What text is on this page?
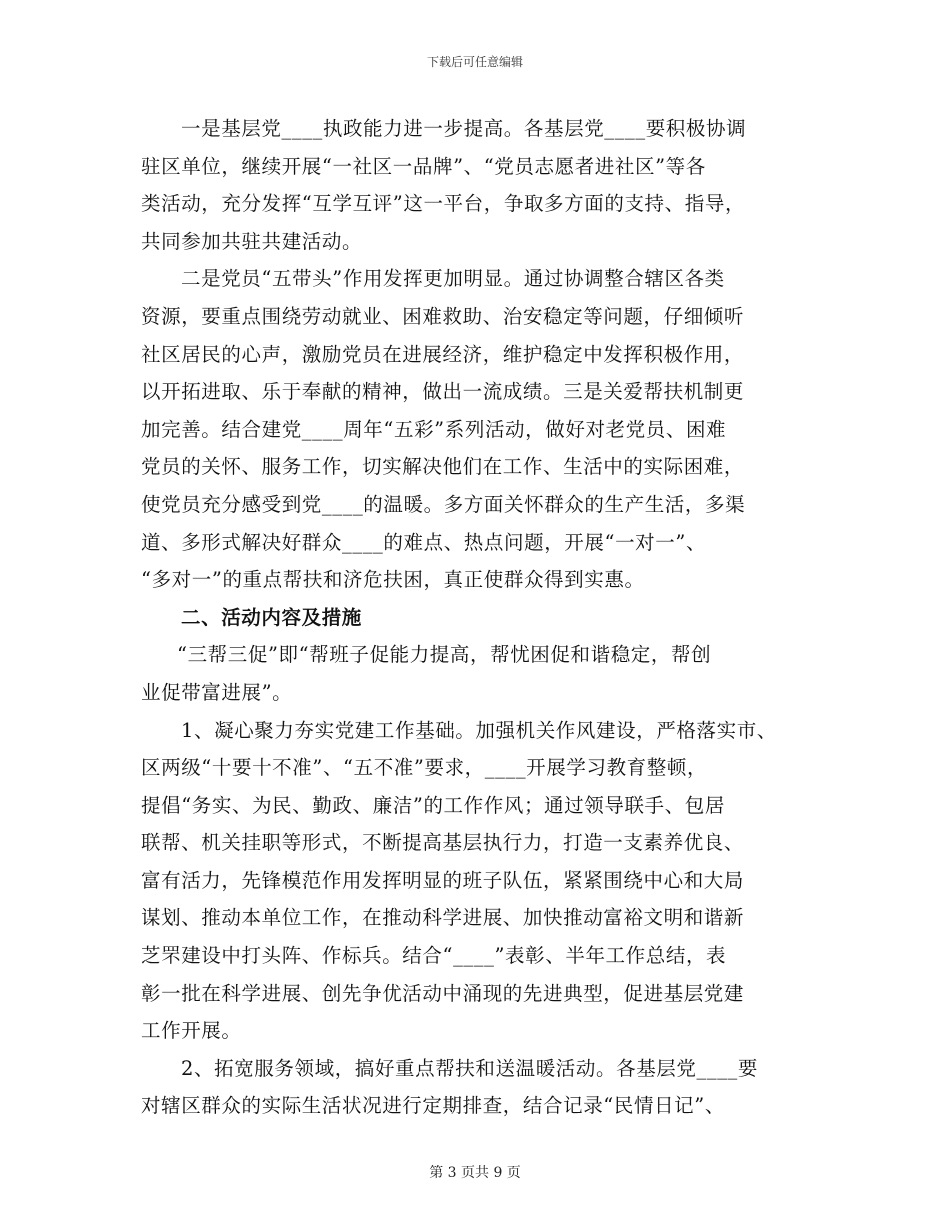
下载后可任意编辑
一是基层党____执政能力进一步提高。各基层党____要积极协调
驻区单位，继续开展“一社区一品牌”、“党员志愿者进社区”等各
类活动，充分发挥“互学互评”这一平台，争取多方面的支持、指导，
共同参加共驻共建活动。
二是党员“五带头”作用发挥更加明显。通过协调整合辖区各类
资源，要重点围绕劳动就业、困难救助、治安稳定等问题，仔细倾听
社区居民的心声，激励党员在进展经济，维护稳定中发挥积极作用，
以开拓进取、乐于奉献的精神，做出一流成绩。三是关爱帮扶机制更
加完善。结合建党____周年“五彩”系列活动，做好对老党员、困难
党员的关怀、服务工作，切实解决他们在工作、生活中的实际困难，
使党员充分感受到党____的温暖。多方面关怀群众的生产生活，多渠
道、多形式解决好群众____的难点、热点问题，开展“一对一”、
“多对一”的重点帮扶和济危扶困，真正使群众得到实惠。
二、活动内容及措施
“三帮三促”即“帮班子促能力提高，帮忧困促和谐稳定，帮创
业促带富进展”。
1、凝心聚力夯实党建工作基础。加强机关作风建设，严格落实市、
区两级“十要十不准”、“五不准”要求，____开展学习教育整顿，
提倡“务实、为民、勤政、廉洁”的工作作风；通过领导联手、包居
联帮、机关挂职等形式，不断提高基层执行力，打造一支素养优良、
富有活力，先锋模范作用发挥明显的班子队伍，紧紧围绕中心和大局
谋划、推动本单位工作，在推动科学进展、加快推动富裕文明和谐新
芝罘建设中打头阵、作标兵。结合“____”表彰、半年工作总结，表
彰一批在科学进展、创先争优活动中涌现的先进典型，促进基层党建
工作开展。
2、拓宽服务领域，搞好重点帮扶和送温暖活动。各基层党____要
对辖区群众的实际生活状况进行定期排查，结合记录“民情日记”、
第 3 页共 9 页
